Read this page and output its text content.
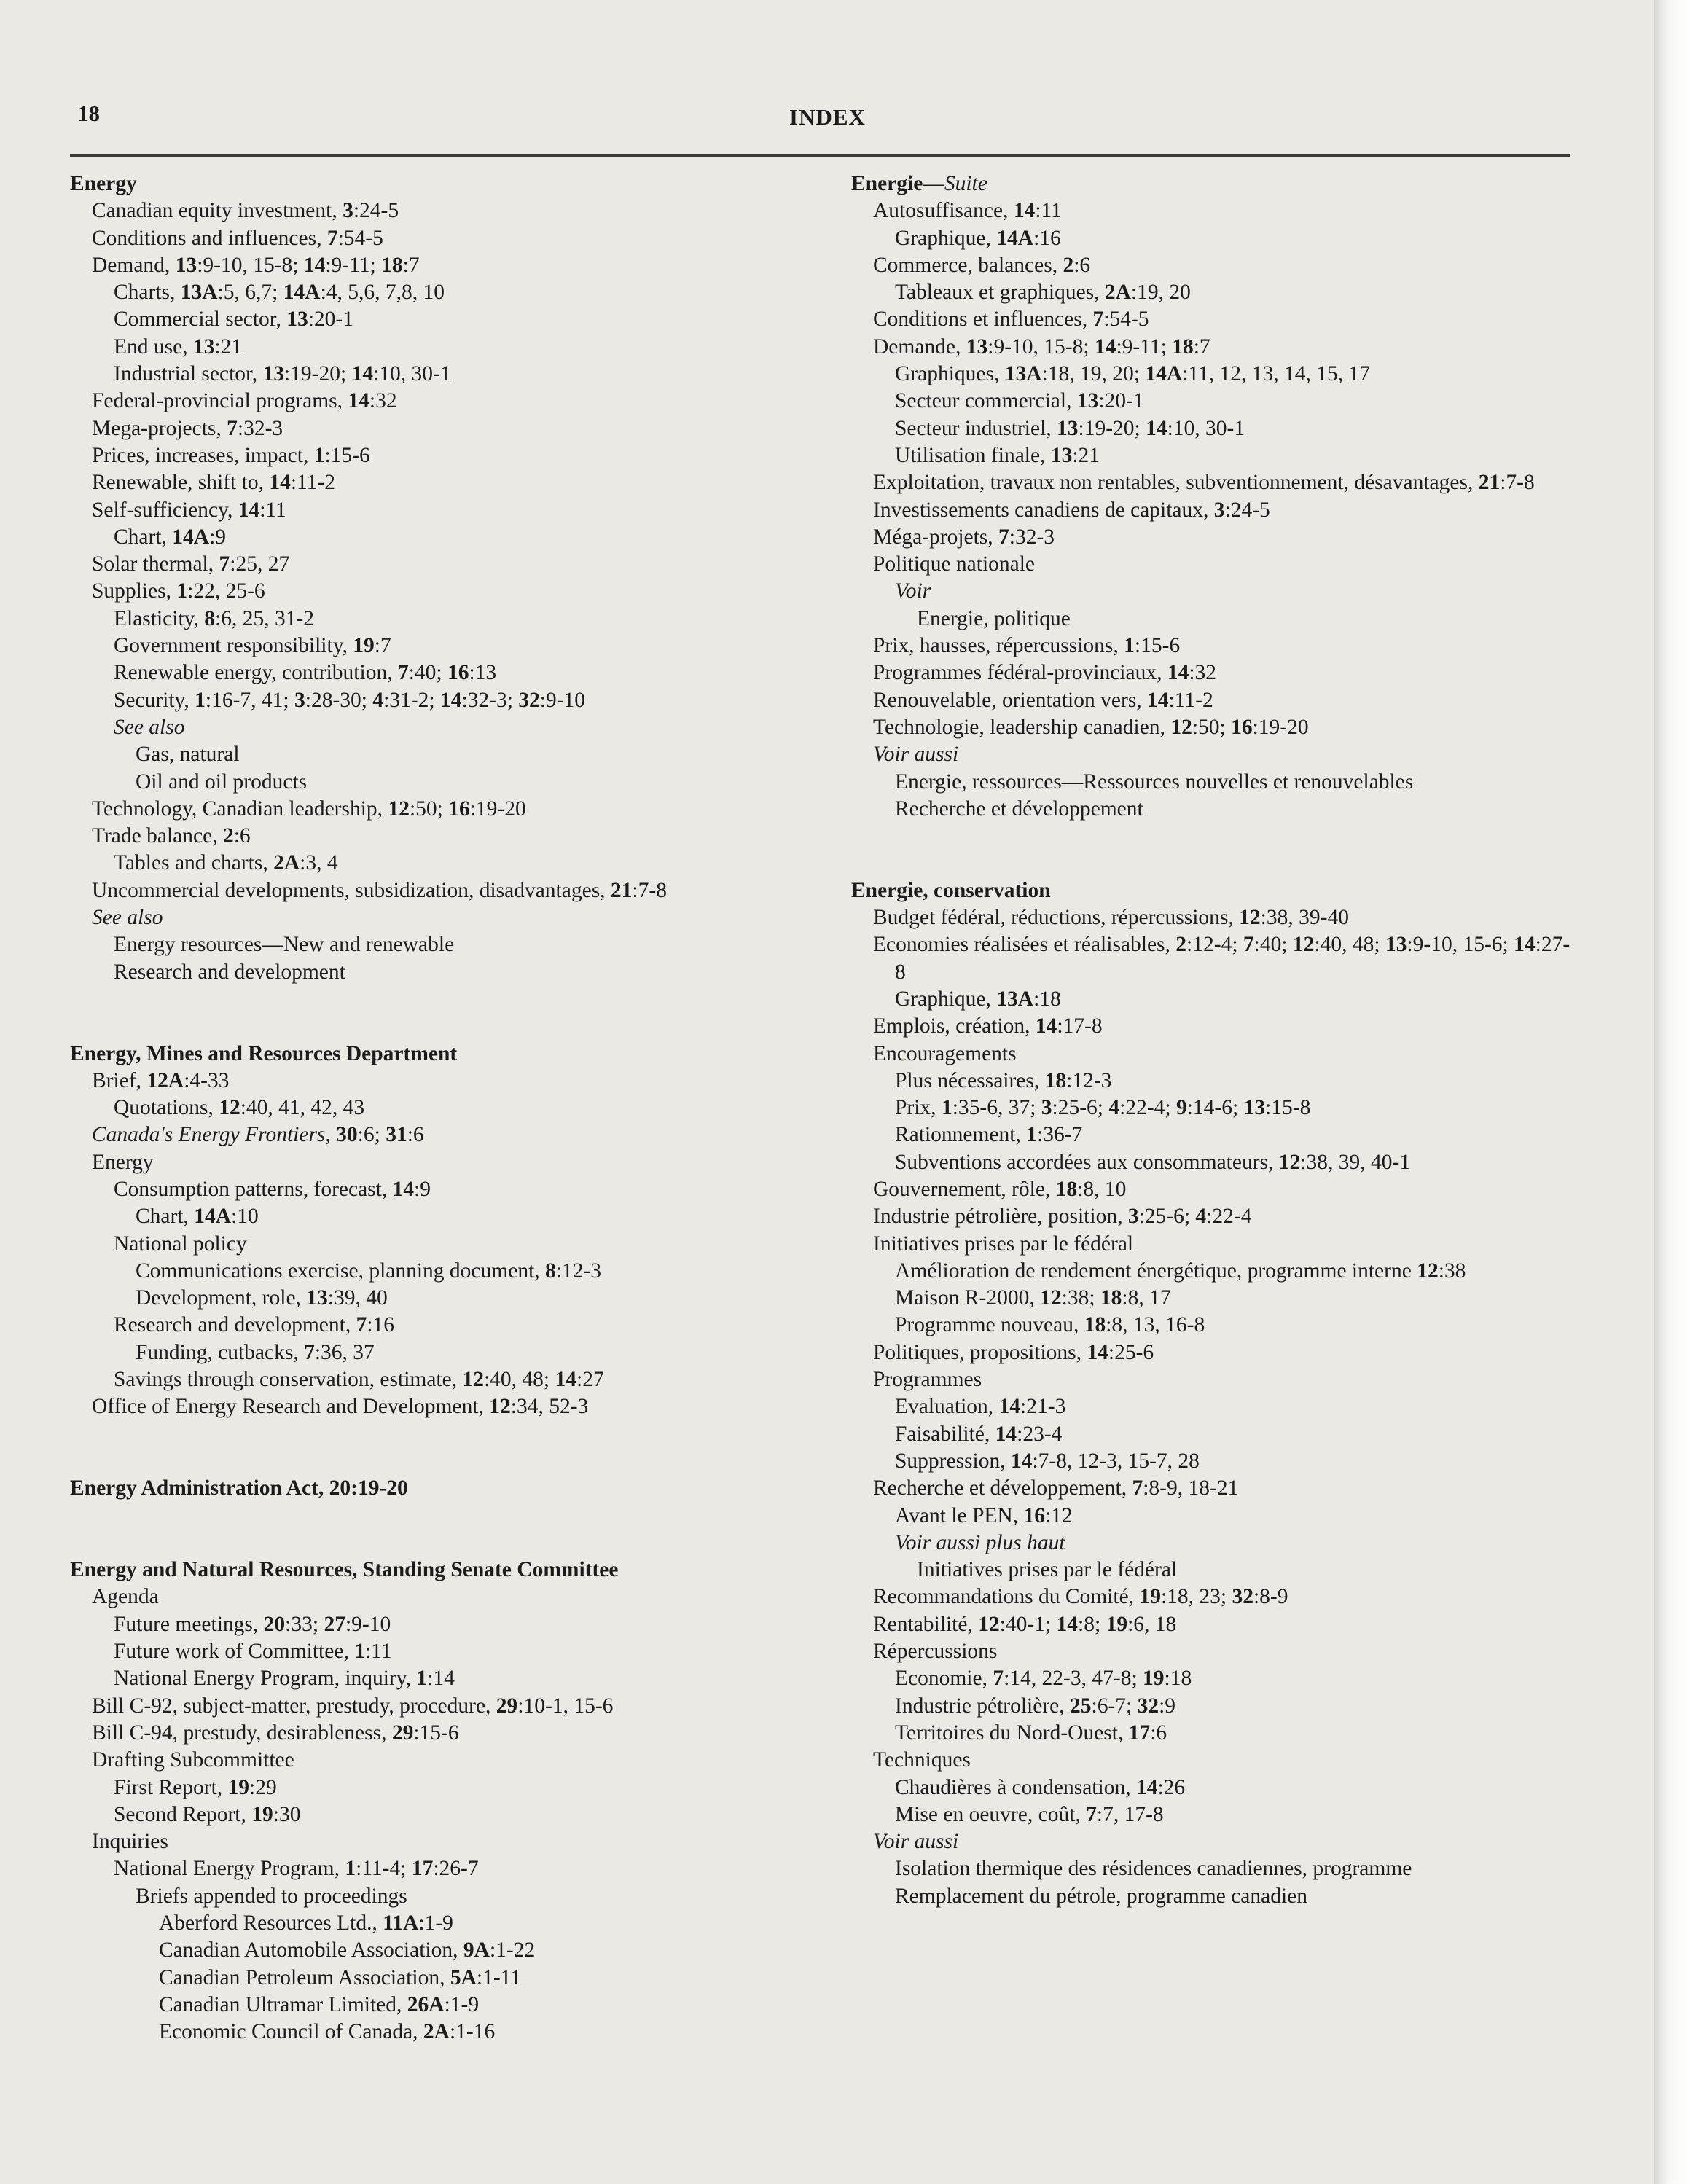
18	INDEX
Energy
Canadian equity investment, 3:24-5
Conditions and influences, 7:54-5
Demand, 13:9-10, 15-8; 14:9-11; 18:7
Charts, 13A:5, 6,7; 14A:4, 5,6, 7,8, 10
Commercial sector, 13:20-1
End use, 13:21
Industrial sector, 13:19-20; 14:10, 30-1
Federal-provincial programs, 14:32
Mega-projects, 7:32-3
Prices, increases, impact, 1:15-6
Renewable, shift to, 14:11-2
Self-sufficiency, 14:11
Chart, 14A:9
Solar thermal, 7:25, 27
Supplies, 1:22, 25-6
Elasticity, 8:6, 25, 31-2
Government responsibility, 19:7
Renewable energy, contribution, 7:40; 16:13
Security, 1:16-7, 41; 3:28-30; 4:31-2; 14:32-3; 32:9-10
See also
Gas, natural
Oil and oil products
Technology, Canadian leadership, 12:50; 16:19-20
Trade balance, 2:6
Tables and charts, 2A:3, 4
Uncommercial developments, subsidization, disadvantages, 21:7-8
See also
Energy resources—New and renewable
Research and development
Energy, Mines and Resources Department
Brief, 12A:4-33
Quotations, 12:40, 41, 42, 43
Canada's Energy Frontiers, 30:6; 31:6
Energy
Consumption patterns, forecast, 14:9
Chart, 14A:10
National policy
Communications exercise, planning document, 8:12-3
Development, role, 13:39, 40
Research and development, 7:16
Funding, cutbacks, 7:36, 37
Savings through conservation, estimate, 12:40, 48; 14:27
Office of Energy Research and Development, 12:34, 52-3
Energy Administration Act, 20:19-20
Energy and Natural Resources, Standing Senate Committee
Agenda
Future meetings, 20:33; 27:9-10
Future work of Committee, 1:11
National Energy Program, inquiry, 1:14
Bill C-92, subject-matter, prestudy, procedure, 29:10-1, 15-6
Bill C-94, prestudy, desirableness, 29:15-6
Drafting Subcommittee
First Report, 19:29
Second Report, 19:30
Inquiries
National Energy Program, 1:11-4; 17:26-7
Briefs appended to proceedings
Aberford Resources Ltd., 11A:1-9
Canadian Automobile Association, 9A:1-22
Canadian Petroleum Association, 5A:1-11
Canadian Ultramar Limited, 26A:1-9
Economic Council of Canada, 2A:1-16
Energie—Suite
Autosuffisance, 14:11
Graphique, 14A:16
Commerce, balances, 2:6
Tableaux et graphiques, 2A:19, 20
Conditions et influences, 7:54-5
Demande, 13:9-10, 15-8; 14:9-11; 18:7
Graphiques, 13A:18, 19, 20; 14A:11, 12, 13, 14, 15, 17
Secteur commercial, 13:20-1
Secteur industriel, 13:19-20; 14:10, 30-1
Utilisation finale, 13:21
Exploitation, travaux non rentables, subventionnement, désavantages, 21:7-8
Investissements canadiens de capitaux, 3:24-5
Méga-projets, 7:32-3
Politique nationale
Voir
Energie, politique
Prix, hausses, répercussions, 1:15-6
Programmes fédéral-provinciaux, 14:32
Renouvelable, orientation vers, 14:11-2
Technologie, leadership canadien, 12:50; 16:19-20
Voir aussi
Energie, ressources—Ressources nouvelles et renouvelables
Recherche et développement
Energie, conservation
Budget fédéral, réductions, répercussions, 12:38, 39-40
Economies réalisées et réalisables, 2:12-4; 7:40; 12:40, 48; 13:9-10, 15-6; 14:27-8
Graphique, 13A:18
Emplois, création, 14:17-8
Encouragements
Plus nécessaires, 18:12-3
Prix, 1:35-6, 37; 3:25-6; 4:22-4; 9:14-6; 13:15-8
Rationnement, 1:36-7
Subventions accordées aux consommateurs, 12:38, 39, 40-1
Gouvernement, rôle, 18:8, 10
Industrie pétrolière, position, 3:25-6; 4:22-4
Initiatives prises par le fédéral
Amélioration de rendement énergétique, programme interne 12:38
Maison R-2000, 12:38; 18:8, 17
Programme nouveau, 18:8, 13, 16-8
Politiques, propositions, 14:25-6
Programmes
Evaluation, 14:21-3
Faisabilité, 14:23-4
Suppression, 14:7-8, 12-3, 15-7, 28
Recherche et développement, 7:8-9, 18-21
Avant le PEN, 16:12
Voir aussi plus haut
Initiatives prises par le fédéral
Recommandations du Comité, 19:18, 23; 32:8-9
Rentabilité, 12:40-1; 14:8; 19:6, 18
Répercussions
Economie, 7:14, 22-3, 47-8; 19:18
Industrie pétrolière, 25:6-7; 32:9
Territoires du Nord-Ouest, 17:6
Techniques
Chaudières à condensation, 14:26
Mise en oeuvre, coût, 7:7, 17-8
Voir aussi
Isolation thermique des résidences canadiennes, programme
Remplacement du pétrole, programme canadien
